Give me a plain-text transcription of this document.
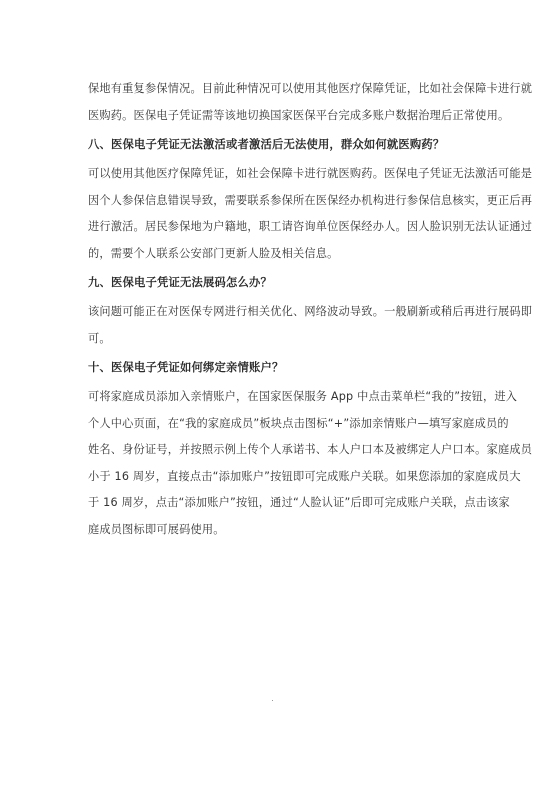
保地有重复参保情况。目前此种情况可以使用其他医疗保障凭证，比如社会保障卡进行就
医购药。医保电子凭证需等该地切换国家医保平台完成多账户数据治理后正常使用。

八、医保电子凭证无法激活或者激活后无法使用，群众如何就医购药？

可以使用其他医疗保障凭证，如社会保障卡进行就医购药。医保电子凭证无法激活可能是
因个人参保信息错误导致，需要联系参保所在医保经办机构进行参保信息核实，更正后再
进行激活。居民参保地为户籍地，职工请咨询单位医保经办人。因人脸识别无法认证通过
的，需要个人联系公安部门更新人脸及相关信息。

九、医保电子凭证无法展码怎么办？

该问题可能正在对医保专网进行相关优化、网络波动导致。一般刷新或稍后再进行展码即
可。

十、医保电子凭证如何绑定亲情账户？

可将家庭成员添加入亲情账户，在国家医保服务 App 中点击菜单栏“我的”按钮，进入
个人中心页面，在“我的家庭成员”板块点击图标“+”添加亲情账户—填写家庭成员的
姓名、身份证号，并按照示例上传个人承诺书、本人户口本及被绑定人户口本。家庭成员
小于 16 周岁，直接点击“添加账户”按钮即可完成账户关联。如果您添加的家庭成员大
于 16 周岁，点击“添加账户”按钮，通过“人脸认证”后即可完成账户关联，点击该家
庭成员图标即可展码使用。
